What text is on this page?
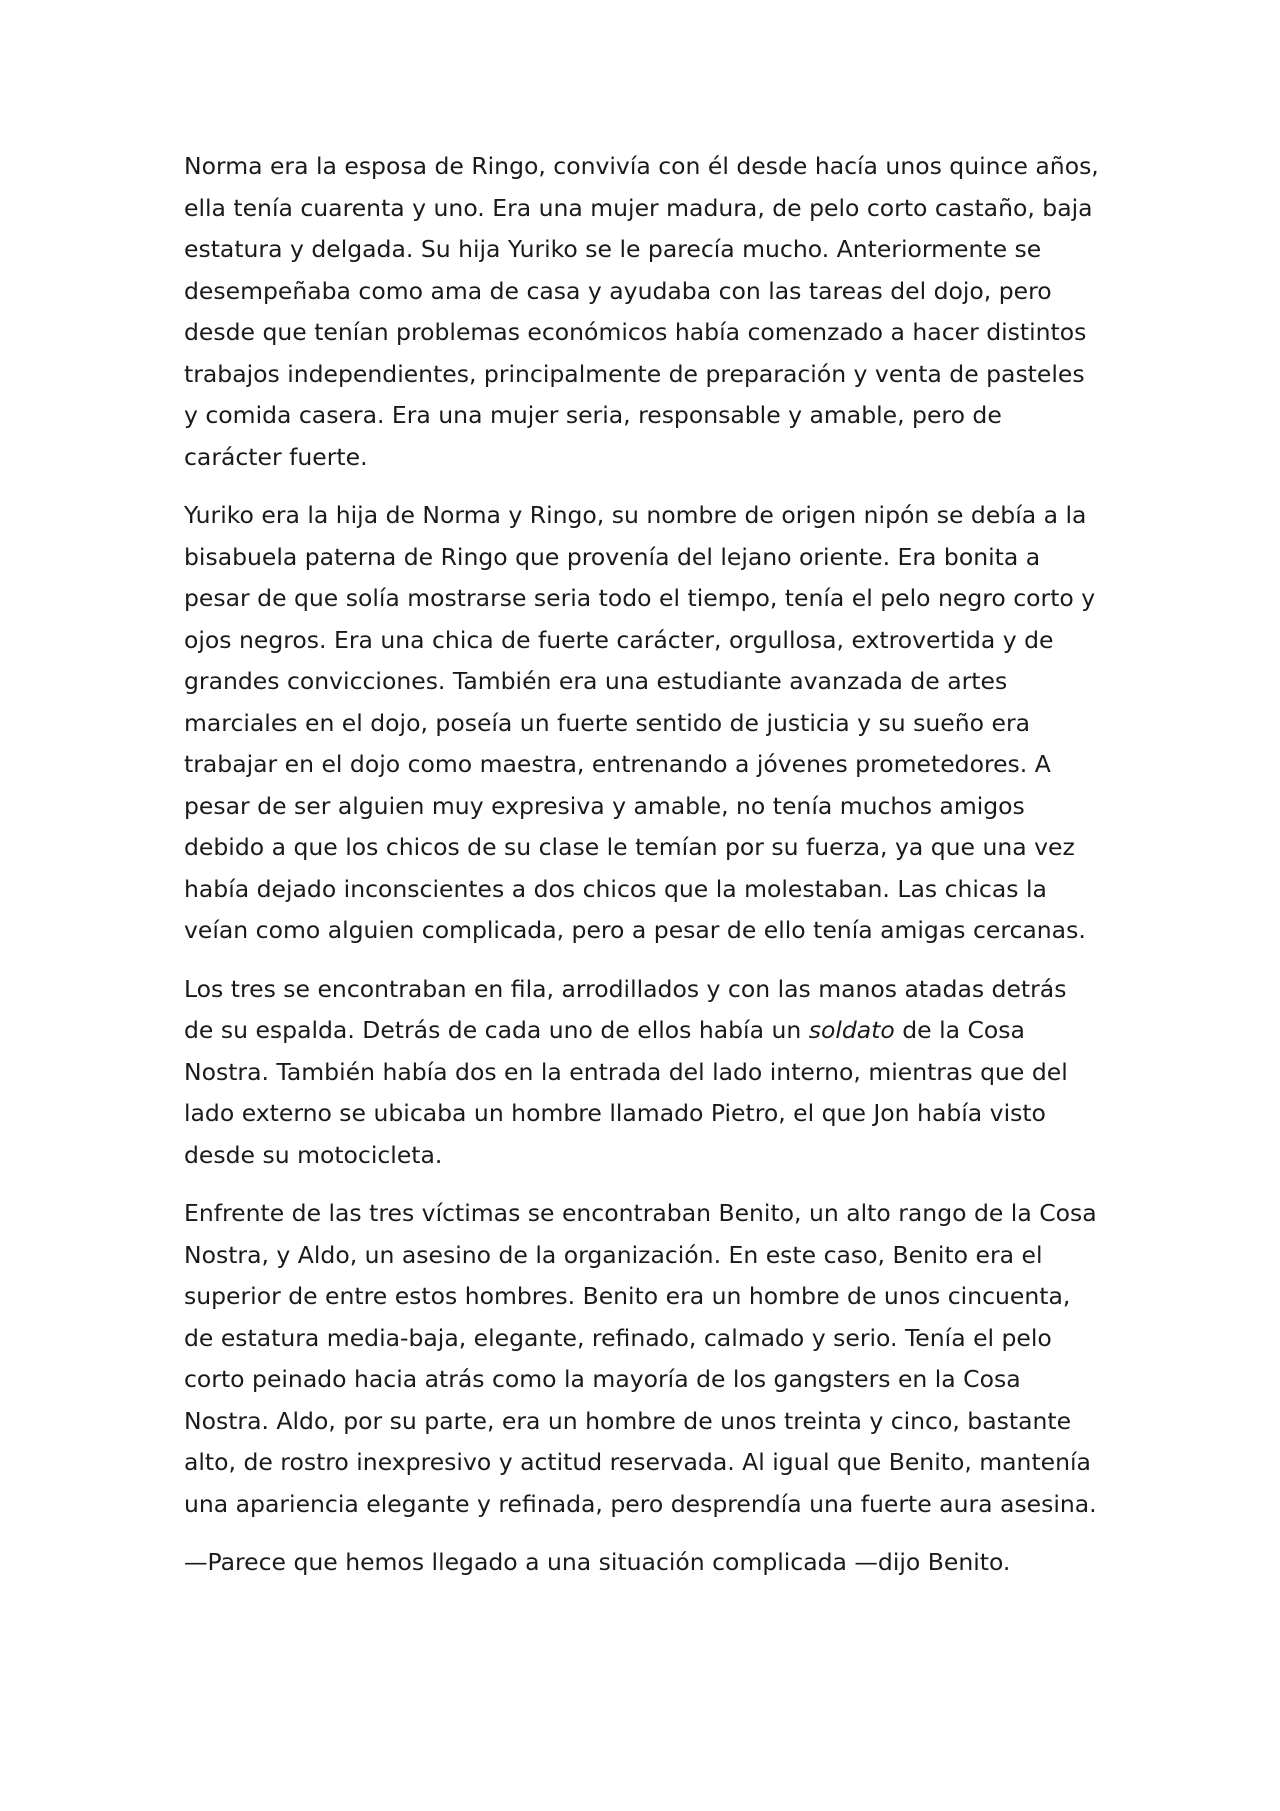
Norma era la esposa de Ringo, convivía con él desde hacía unos quince años, ella tenía cuarenta y uno. Era una mujer madura, de pelo corto castaño, baja estatura y delgada. Su hija Yuriko se le parecía mucho. Anteriormente se desempeñaba como ama de casa y ayudaba con las tareas del dojo, pero desde que tenían problemas económicos había comenzado a hacer distintos trabajos independientes, principalmente de preparación y venta de pasteles y comida casera. Era una mujer seria, responsable y amable, pero de carácter fuerte.

Yuriko era la hija de Norma y Ringo, su nombre de origen nipón se debía a la bisabuela paterna de Ringo que provenía del lejano oriente. Era bonita a pesar de que solía mostrarse seria todo el tiempo, tenía el pelo negro corto y ojos negros. Era una chica de fuerte carácter, orgullosa, extrovertida y de grandes convicciones. También era una estudiante avanzada de artes marciales en el dojo, poseía un fuerte sentido de justicia y su sueño era trabajar en el dojo como maestra, entrenando a jóvenes prometedores. A pesar de ser alguien muy expresiva y amable, no tenía muchos amigos debido a que los chicos de su clase le temían por su fuerza, ya que una vez había dejado inconscientes a dos chicos que la molestaban. Las chicas la veían como alguien complicada, pero a pesar de ello tenía amigas cercanas.

Los tres se encontraban en fila, arrodillados y con las manos atadas detrás de su espalda. Detrás de cada uno de ellos había un soldato de la Cosa Nostra. También había dos en la entrada del lado interno, mientras que del lado externo se ubicaba un hombre llamado Pietro, el que Jon había visto desde su motocicleta.

Enfrente de las tres víctimas se encontraban Benito, un alto rango de la Cosa Nostra, y Aldo, un asesino de la organización. En este caso, Benito era el superior de entre estos hombres. Benito era un hombre de unos cincuenta, de estatura media-baja, elegante, refinado, calmado y serio. Tenía el pelo corto peinado hacia atrás como la mayoría de los gangsters en la Cosa Nostra. Aldo, por su parte, era un hombre de unos treinta y cinco, bastante alto, de rostro inexpresivo y actitud reservada. Al igual que Benito, mantenía una apariencia elegante y refinada, pero desprendía una fuerte aura asesina.

—Parece que hemos llegado a una situación complicada —dijo Benito.
